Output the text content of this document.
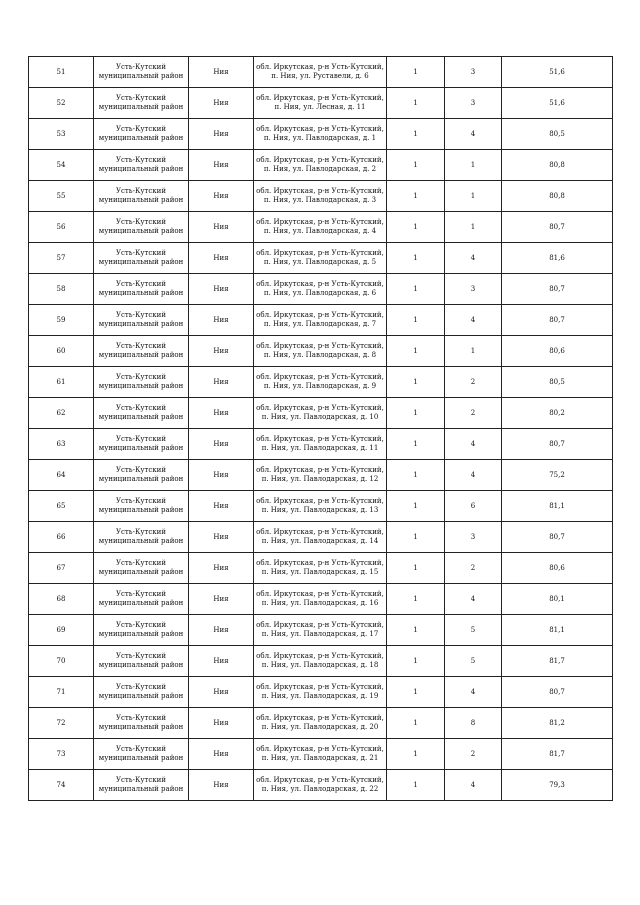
51	Усть-Кутский муниципальный район	Ния	обл. Иркутская, р-н Усть-Кутский, п. Ния, ул. Руставели, д. 6	1	3	51,6
52	Усть-Кутский муниципальный район	Ния	обл. Иркутская, р-н Усть-Кутский, п. Ния, ул. Лесная, д. 11	1	3	51,6
53	Усть-Кутский муниципальный район	Ния	обл. Иркутская, р-н Усть-Кутский, п. Ния, ул. Павлодарская, д. 1	1	4	80,5
54	Усть-Кутский муниципальный район	Ния	обл. Иркутская, р-н Усть-Кутский, п. Ния, ул. Павлодарская, д. 2	1	1	80,8
55	Усть-Кутский муниципальный район	Ния	обл. Иркутская, р-н Усть-Кутский, п. Ния, ул. Павлодарская, д. 3	1	1	80,8
56	Усть-Кутский муниципальный район	Ния	обл. Иркутская, р-н Усть-Кутский, п. Ния, ул. Павлодарская, д. 4	1	1	80,7
57	Усть-Кутский муниципальный район	Ния	обл. Иркутская, р-н Усть-Кутский, п. Ния, ул. Павлодарская, д. 5	1	4	81,6
58	Усть-Кутский муниципальный район	Ния	обл. Иркутская, р-н Усть-Кутский, п. Ния, ул. Павлодарская, д. 6	1	3	80,7
59	Усть-Кутский муниципальный район	Ния	обл. Иркутская, р-н Усть-Кутский, п. Ния, ул. Павлодарская, д. 7	1	4	80,7
60	Усть-Кутский муниципальный район	Ния	обл. Иркутская, р-н Усть-Кутский, п. Ния, ул. Павлодарская, д. 8	1	1	80,6
61	Усть-Кутский муниципальный район	Ния	обл. Иркутская, р-н Усть-Кутский, п. Ния, ул. Павлодарская, д. 9	1	2	80,5
62	Усть-Кутский муниципальный район	Ния	обл. Иркутская, р-н Усть-Кутский, п. Ния, ул. Павлодарская, д. 10	1	2	80,2
63	Усть-Кутский муниципальный район	Ния	обл. Иркутская, р-н Усть-Кутский, п. Ния, ул. Павлодарская, д. 11	1	4	80,7
64	Усть-Кутский муниципальный район	Ния	обл. Иркутская, р-н Усть-Кутский, п. Ния, ул. Павлодарская, д. 12	1	4	75,2
65	Усть-Кутский муниципальный район	Ния	обл. Иркутская, р-н Усть-Кутский, п. Ния, ул. Павлодарская, д. 13	1	6	81,1
66	Усть-Кутский муниципальный район	Ния	обл. Иркутская, р-н Усть-Кутский, п. Ния, ул. Павлодарская, д. 14	1	3	80,7
67	Усть-Кутский муниципальный район	Ния	обл. Иркутская, р-н Усть-Кутский, п. Ния, ул. Павлодарская, д. 15	1	2	80,6
68	Усть-Кутский муниципальный район	Ния	обл. Иркутская, р-н Усть-Кутский, п. Ния, ул. Павлодарская, д. 16	1	4	80,1
69	Усть-Кутский муниципальный район	Ния	обл. Иркутская, р-н Усть-Кутский, п. Ния, ул. Павлодарская, д. 17	1	5	81,1
70	Усть-Кутский муниципальный район	Ния	обл. Иркутская, р-н Усть-Кутский, п. Ния, ул. Павлодарская, д. 18	1	5	81,7
71	Усть-Кутский муниципальный район	Ния	обл. Иркутская, р-н Усть-Кутский, п. Ния, ул. Павлодарская, д. 19	1	4	80,7
72	Усть-Кутский муниципальный район	Ния	обл. Иркутская, р-н Усть-Кутский, п. Ния, ул. Павлодарская, д. 20	1	8	81,2
73	Усть-Кутский муниципальный район	Ния	обл. Иркутская, р-н Усть-Кутский, п. Ния, ул. Павлодарская, д. 21	1	2	81,7
74	Усть-Кутский муниципальный район	Ния	обл. Иркутская, р-н Усть-Кутский, п. Ния, ул. Павлодарская, д. 22	1	4	79,3
